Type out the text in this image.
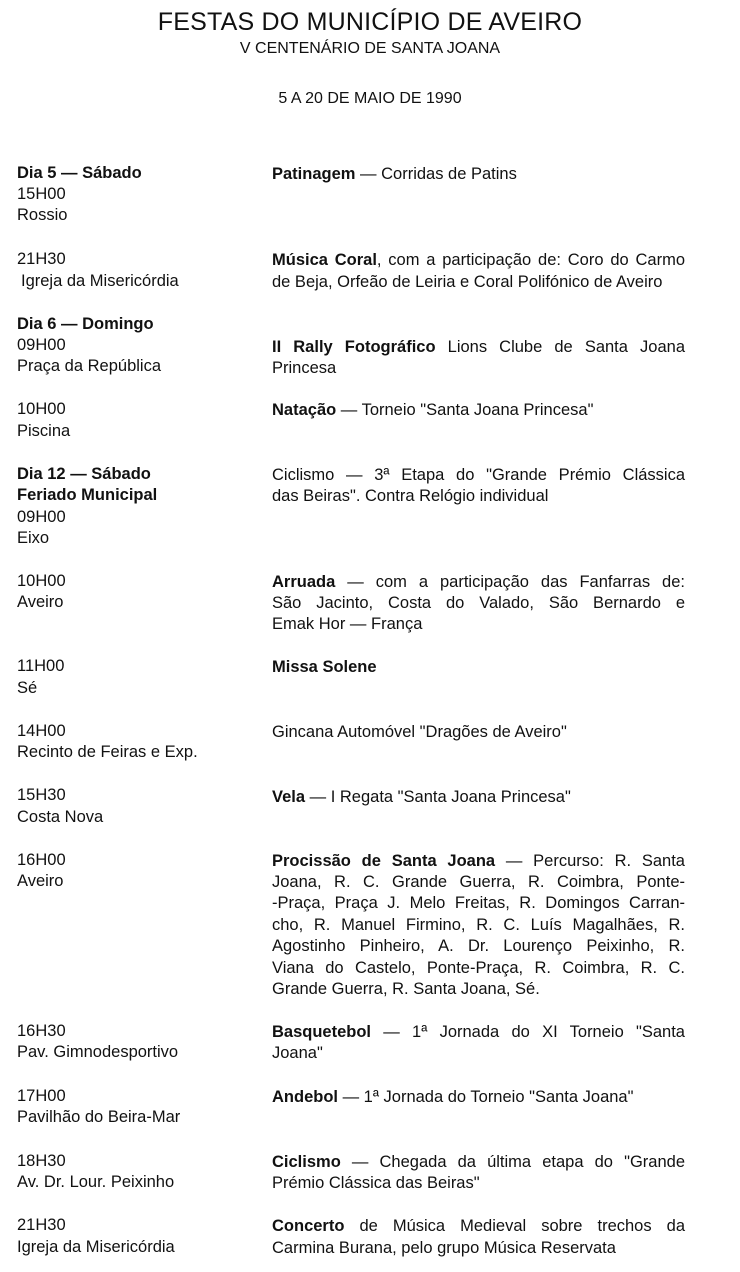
FESTAS DO MUNICÍPIO DE AVEIRO
V CENTENÁRIO DE SANTA JOANA
5 A 20 DE MAIO DE 1990
Dia 5 — Sábado
15H00
Rossio
Patinagem — Corridas de Patins
21H30
Igreja da Misericórdia
Música Coral, com a participação de: Coro do Carmo
de Beja, Orfeão de Leiria e Coral Polifónico de Aveiro
Dia 6 — Domingo
09H00
Praça da República
II Rally Fotográfico Lions Clube de Santa Joana
Princesa
10H00
Piscina
Natação — Torneio "Santa Joana Princesa"
Dia 12 — Sábado
Feriado Municipal
09H00
Eixo
Ciclismo — 3ª Etapa do "Grande Prémio Clássica
das Beiras". Contra Relógio individual
10H00
Aveiro
Arruada — com a participação das Fanfarras de:
São Jacinto, Costa do Valado, São Bernardo e
Emak Hor — França
11H00
Sé
Missa Solene
14H00
Recinto de Feiras e Exp.
Gincana Automóvel "Dragões de Aveiro"
15H30
Costa Nova
Vela — I Regata "Santa Joana Princesa"
16H00
Aveiro
Procissão de Santa Joana — Percurso: R. Santa
Joana, R. C. Grande Guerra, R. Coimbra, Ponte-
-Praça, Praça J. Melo Freitas, R. Domingos Carran-
cho, R. Manuel Firmino, R. C. Luís Magalhães, R.
Agostinho Pinheiro, A. Dr. Lourenço Peixinho, R.
Viana do Castelo, Ponte-Praça, R. Coimbra, R. C.
Grande Guerra, R. Santa Joana, Sé.
16H30
Pav. Gimnodesportivo
Basquetebol — 1ª Jornada do XI Torneio "Santa
Joana"
17H00
Pavilhão do Beira-Mar
Andebol — 1ª Jornada do Torneio "Santa Joana"
18H30
Av. Dr. Lour. Peixinho
Ciclismo — Chegada da última etapa do "Grande
Prémio Clássica das Beiras"
21H30
Igreja da Misericórdia
Concerto de Música Medieval sobre trechos da
Carmina Burana, pelo grupo Música Reservata
